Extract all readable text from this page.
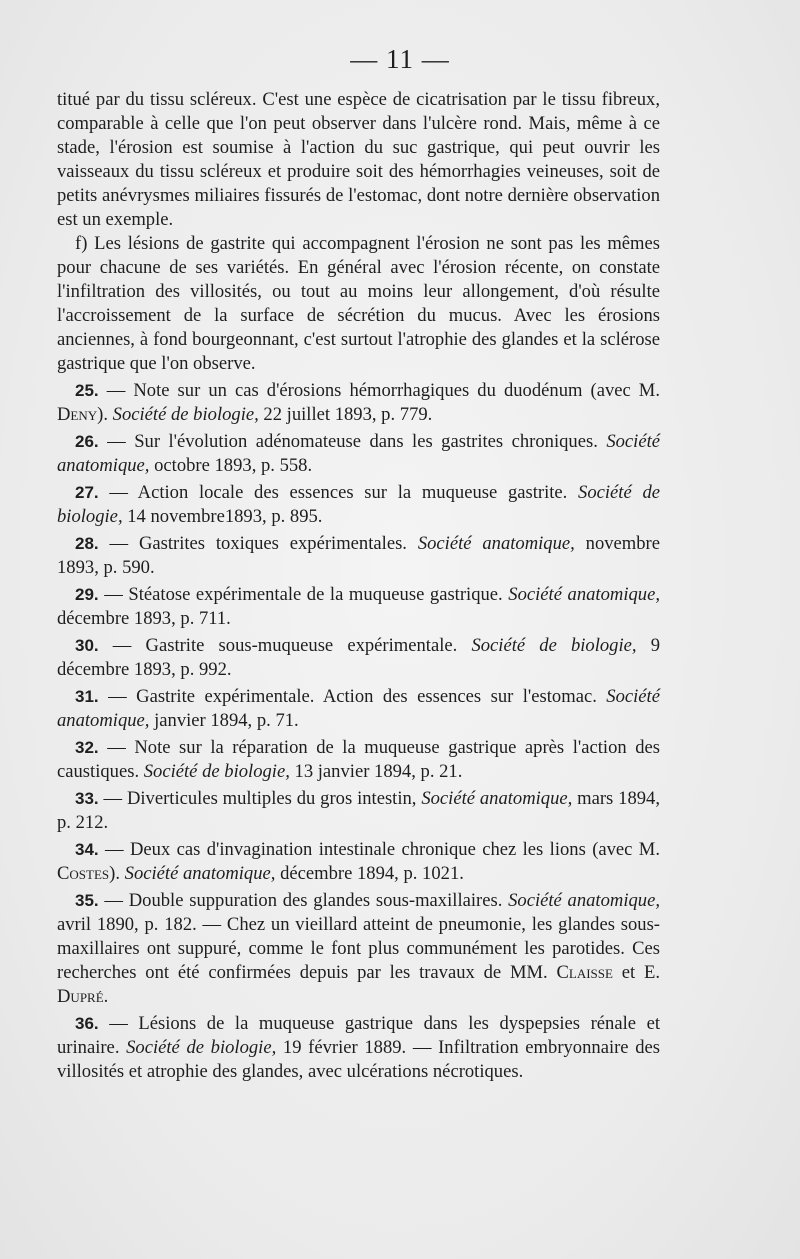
— 11 —

titué par du tissu scléreux. C'est une espèce de cicatrisation par le tissu fibreux, comparable à celle que l'on peut observer dans l'ulcère rond. Mais, même à ce stade, l'érosion est soumise à l'action du suc gastrique, qui peut ouvrir les vaisseaux du tissu scléreux et produire soit des hémorrhagies veineuses, soit de petits anévrysmes miliaires fissurés de l'estomac, dont notre dernière observation est un exemple.

f) Les lésions de gastrite qui accompagnent l'érosion ne sont pas les mêmes pour chacune de ses variétés. En général avec l'érosion récente, on constate l'infiltration des villosités, ou tout au moins leur allongement, d'où résulte l'accroissement de la surface de sécrétion du mucus. Avec les érosions anciennes, à fond bourgeonnant, c'est surtout l'atrophie des glandes et la sclérose gastrique que l'on observe.

25. — Note sur un cas d'érosions hémorrhagiques du duodénum (avec M. Deny). Société de biologie, 22 juillet 1893, p. 779.

26. — Sur l'évolution adénomateuse dans les gastrites chroniques. Société anatomique, octobre 1893, p. 558.

27. — Action locale des essences sur la muqueuse gastrite. Société de biologie, 14 novembre1893, p. 895.

28. — Gastrites toxiques expérimentales. Société anatomique, novembre 1893, p. 590.

29. — Stéatose expérimentale de la muqueuse gastrique. Société anatomique, décembre 1893, p. 711.

30. — Gastrite sous-muqueuse expérimentale. Société de biologie, 9 décembre 1893, p. 992.

31. — Gastrite expérimentale. Action des essences sur l'estomac. Société anatomique, janvier 1894, p. 71.

32. — Note sur la réparation de la muqueuse gastrique après l'action des caustiques. Société de biologie, 13 janvier 1894, p. 21.

33. — Diverticules multiples du gros intestin, Société anatomique, mars 1894, p. 212.

34. — Deux cas d'invagination intestinale chronique chez les lions (avec M. Costes). Société anatomique, décembre 1894, p. 1021.

35. — Double suppuration des glandes sous-maxillaires. Société anatomique, avril 1890, p. 182. — Chez un vieillard atteint de pneumonie, les glandes sous-maxillaires ont suppuré, comme le font plus communément les parotides. Ces recherches ont été confirmées depuis par les travaux de MM. Claisse et E. Dupré.

36. — Lésions de la muqueuse gastrique dans les dyspepsies rénale et urinaire. Société de biologie, 19 février 1889. — Infiltration embryonnaire des villosités et atrophie des glandes, avec ulcérations nécrotiques.
